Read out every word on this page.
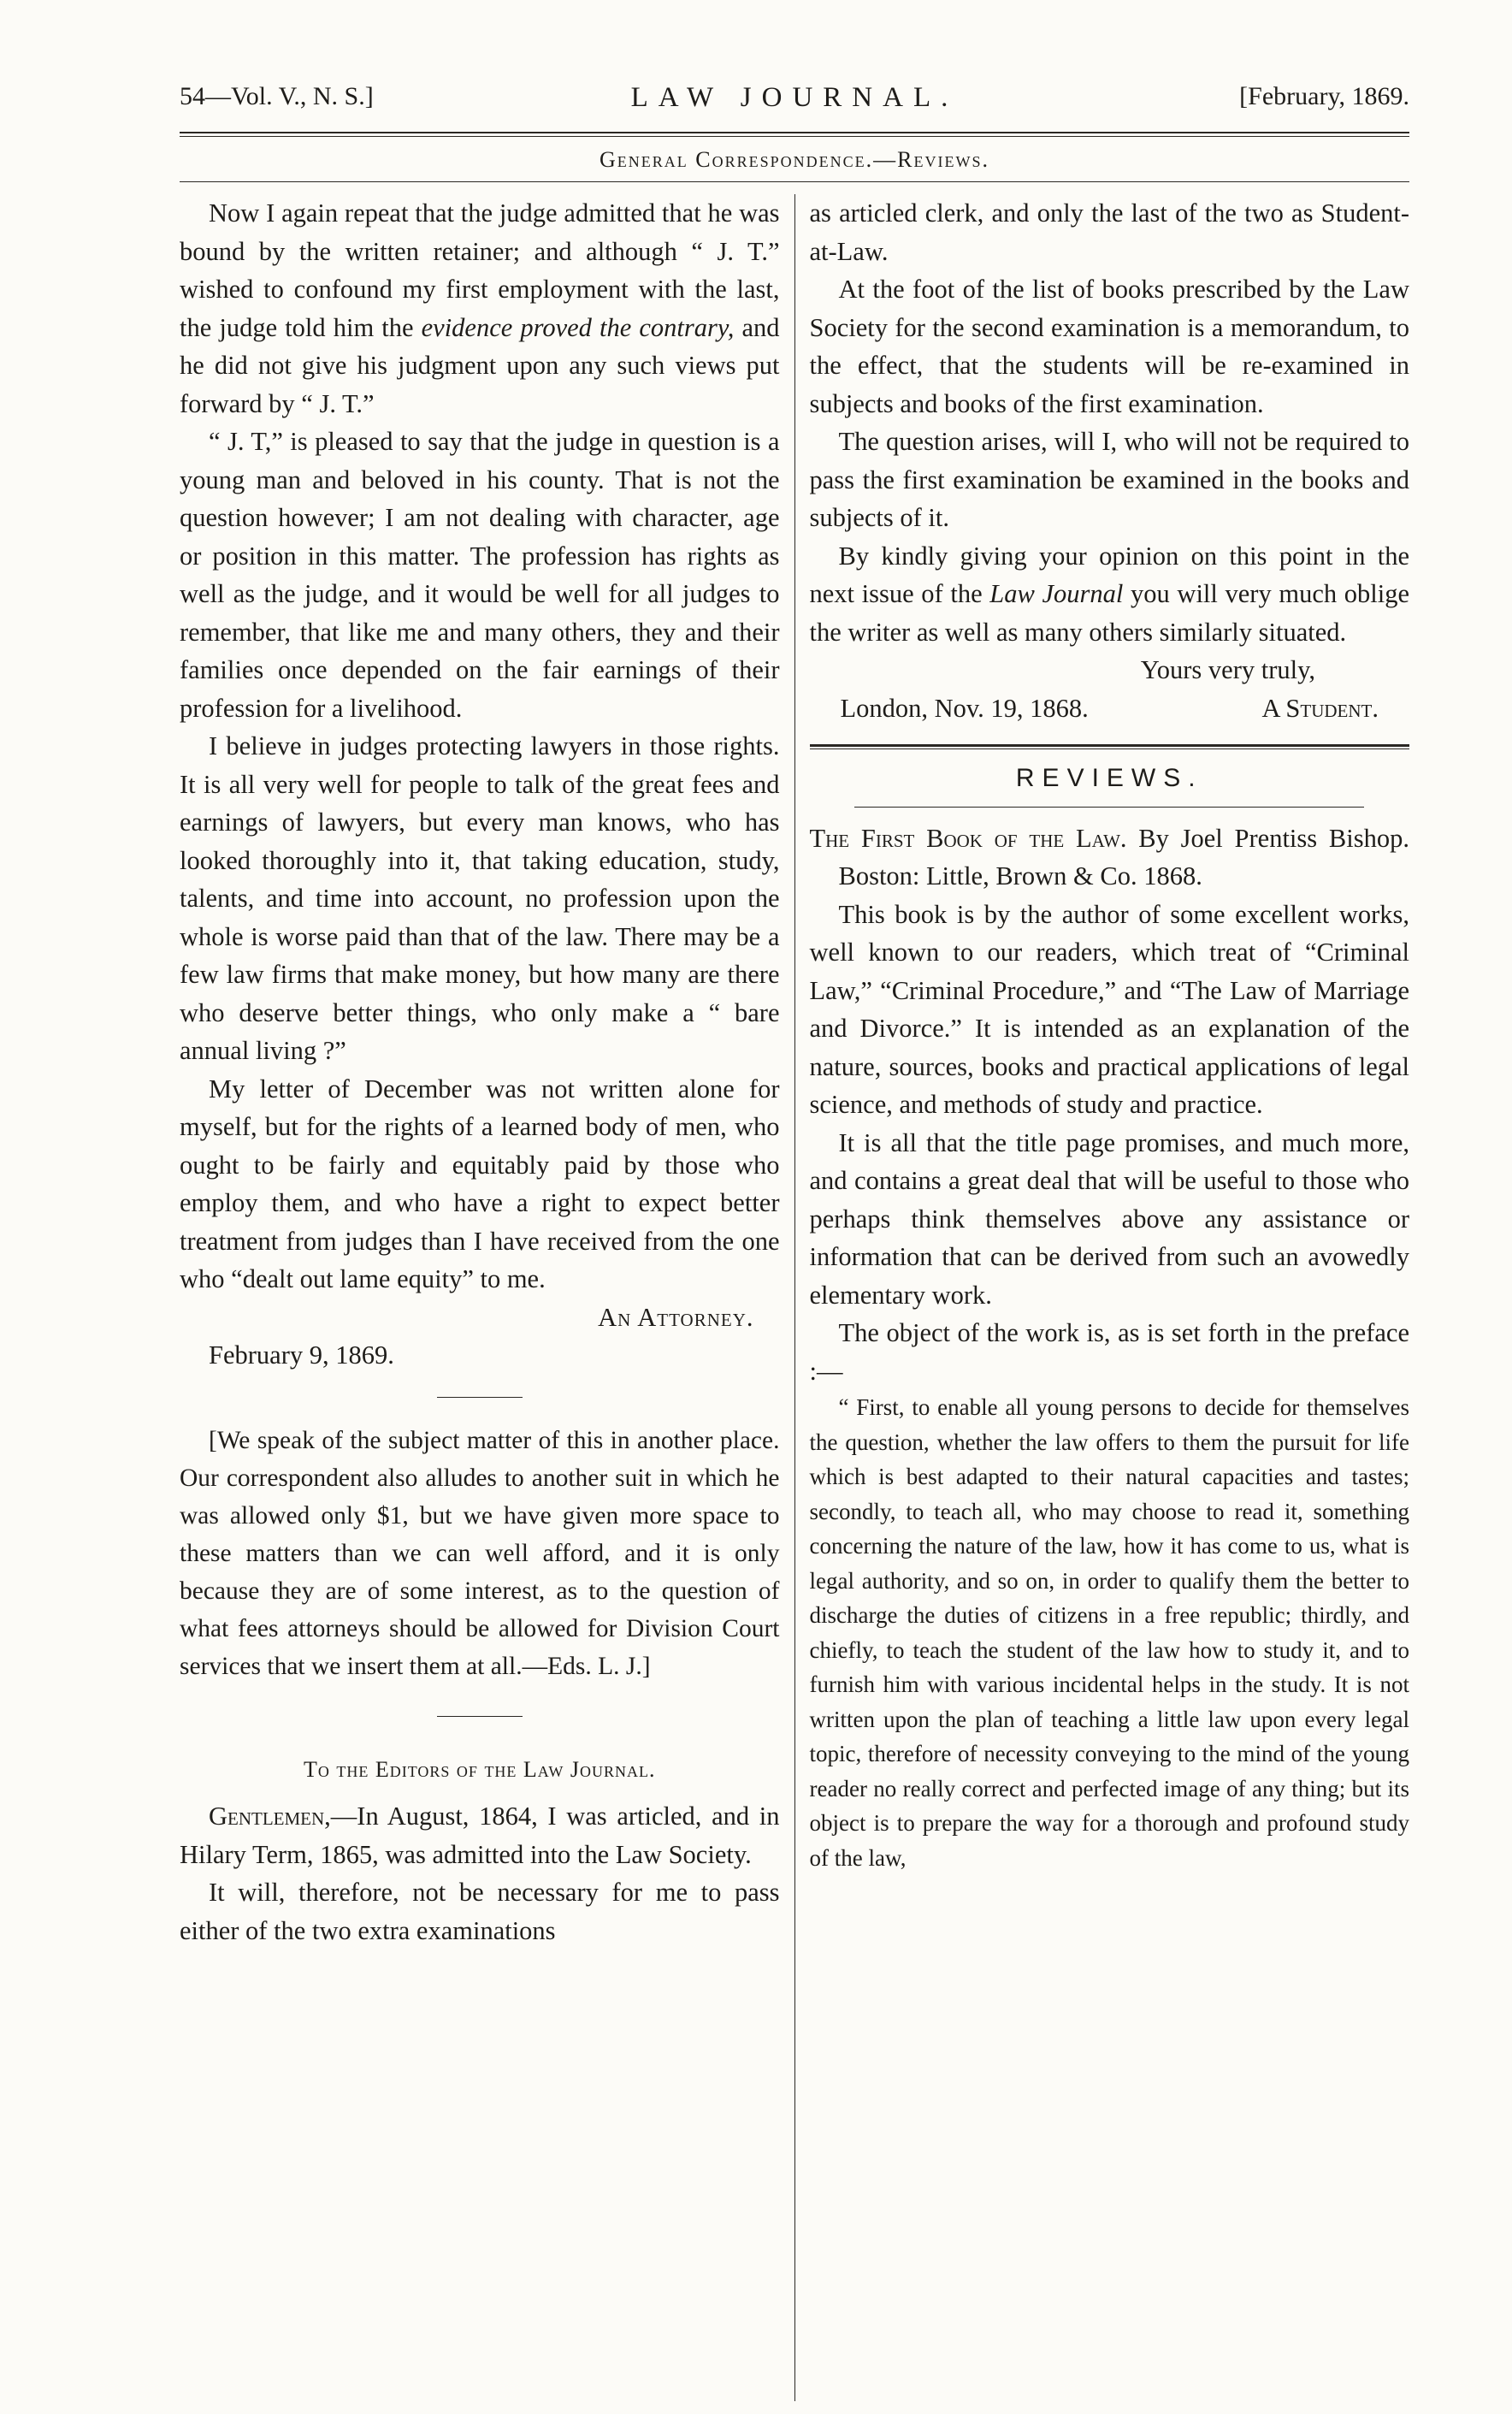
54—Vol. V., N. S.]	LAW JOURNAL.	[February, 1869.
General Correspondence.—Reviews.

Now I again repeat that the judge admitted that he was bound by the written retainer; and although “ J. T.” wished to confound my first employment with the last, the judge told him the evidence proved the contrary, and he did not give his judgment upon any such views put forward by “ J. T.”

“ J. T,” is pleased to say that the judge in question is a young man and beloved in his county. That is not the question however; I am not dealing with character, age or position in this matter. The profession has rights as well as the judge, and it would be well for all judges to remember, that like me and many others, they and their families once depended on the fair earnings of their profession for a livelihood.

I believe in judges protecting lawyers in those rights. It is all very well for people to talk of the great fees and earnings of lawyers, but every man knows, who has looked thoroughly into it, that taking education, study, talents, and time into account, no profession upon the whole is worse paid than that of the law. There may be a few law firms that make money, but how many are there who deserve better things, who only make a “ bare annual living ?”

My letter of December was not written alone for myself, but for the rights of a learned body of men, who ought to be fairly and equitably paid by those who employ them, and who have a right to expect better treatment from judges than I have received from the one who “dealt out lame equity” to me.

An Attorney.

February 9, 1869.

[We speak of the subject matter of this in another place. Our correspondent also alludes to another suit in which he was allowed only $1, but we have given more space to these matters than we can well afford, and it is only because they are of some interest, as to the question of what fees attorneys should be allowed for Division Court services that we insert them at all.—Eds. L. J.]

To the Editors of the Law Journal.

Gentlemen,—In August, 1864, I was articled, and in Hilary Term, 1865, was admitted into the Law Society.

It will, therefore, not be necessary for me to pass either of the two extra examinations

as articled clerk, and only the last of the two as Student-at-Law.

At the foot of the list of books prescribed by the Law Society for the second examination is a memorandum, to the effect, that the students will be re-examined in subjects and books of the first examination.

The question arises, will I, who will not be required to pass the first examination be examined in the books and subjects of it.

By kindly giving your opinion on this point in the next issue of the Law Journal you will very much oblige the writer as well as many others similarly situated.

Yours very truly,

London, Nov. 19, 1868.	A Student.
REVIEWS.

The First Book of the Law. By Joel Prentiss Bishop. Boston: Little, Brown & Co. 1868.

This book is by the author of some excellent works, well known to our readers, which treat of “Criminal Law,” “Criminal Procedure,” and “The Law of Marriage and Divorce.” It is intended as an explanation of the nature, sources, books and practical applications of legal science, and methods of study and practice.

It is all that the title page promises, and much more, and contains a great deal that will be useful to those who perhaps think themselves above any assistance or information that can be derived from such an avowedly elementary work.

The object of the work is, as is set forth in the preface :—

“ First, to enable all young persons to decide for themselves the question, whether the law offers to them the pursuit for life which is best adapted to their natural capacities and tastes; secondly, to teach all, who may choose to read it, something concerning the nature of the law, how it has come to us, what is legal authority, and so on, in order to qualify them the better to discharge the duties of citizens in a free republic; thirdly, and chiefly, to teach the student of the law how to study it, and to furnish him with various incidental helps in the study. It is not written upon the plan of teaching a little law upon every legal topic, therefore of necessity conveying to the mind of the young reader no really correct and perfected image of any thing; but its object is to prepare the way for a thorough and profound study of the law,
